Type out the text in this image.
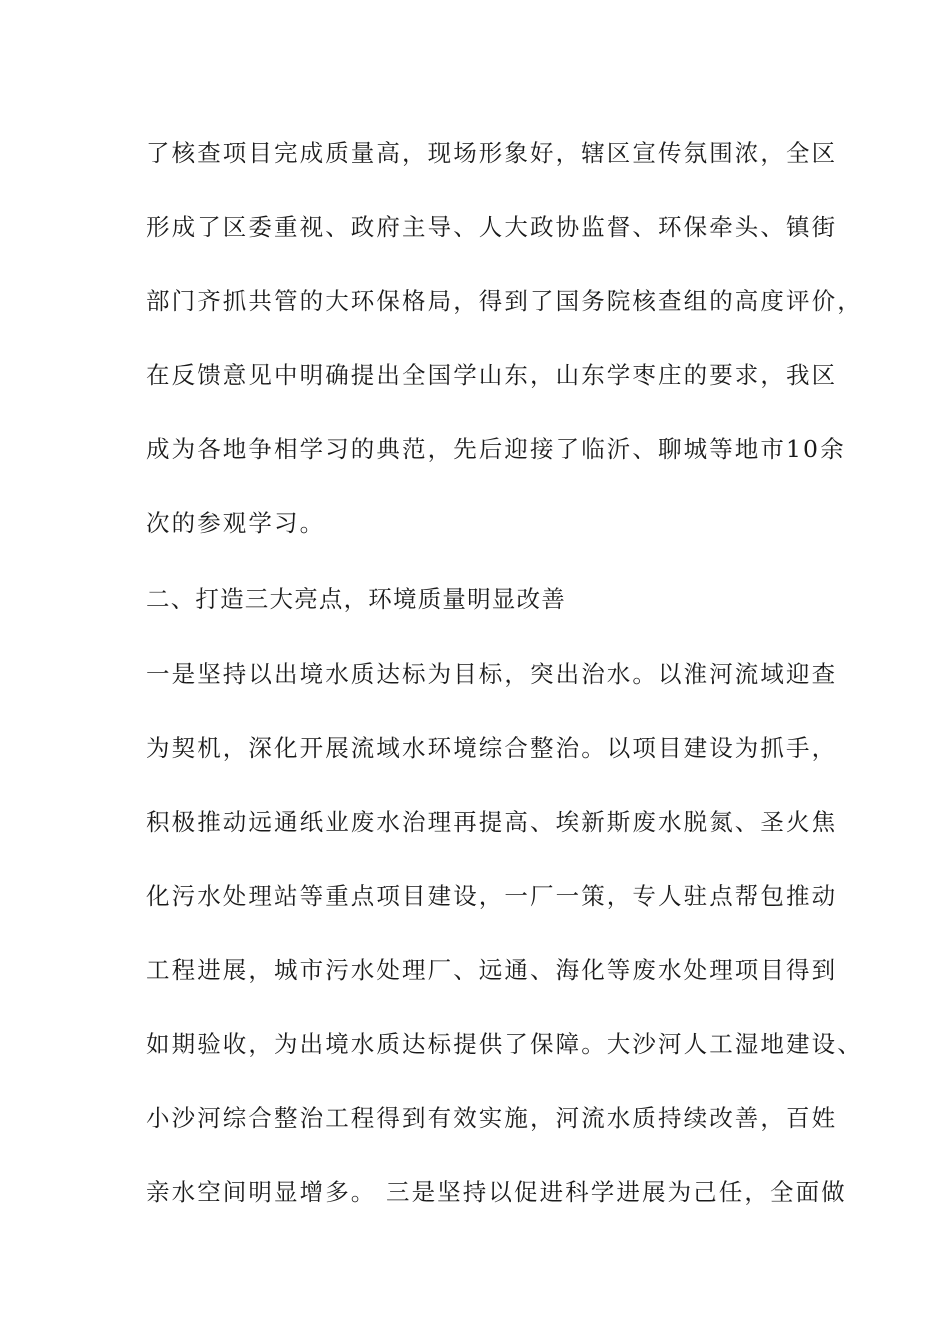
了核查项目完成质量高，现场形象好，辖区宣传氛围浓，全区
形成了区委重视、政府主导、人大政协监督、环保牵头、镇街
部门齐抓共管的大环保格局，得到了国务院核查组的高度评价，
在反馈意见中明确提出全国学山东，山东学枣庄的要求，我区
成为各地争相学习的典范，先后迎接了临沂、聊城等地市10余
次的参观学习。
二、打造三大亮点，环境质量明显改善
一是坚持以出境水质达标为目标，突出治水。以淮河流域迎查
为契机，深化开展流域水环境综合整治。以项目建设为抓手，
积极推动远通纸业废水治理再提高、埃新斯废水脱氮、圣火焦
化污水处理站等重点项目建设，一厂一策，专人驻点帮包推动
工程进展，城市污水处理厂、远通、海化等废水处理项目得到
如期验收，为出境水质达标提供了保障。大沙河人工湿地建设、
小沙河综合整治工程得到有效实施，河流水质持续改善，百姓
亲水空间明显增多。 三是坚持以促进科学进展为己任，全面做
